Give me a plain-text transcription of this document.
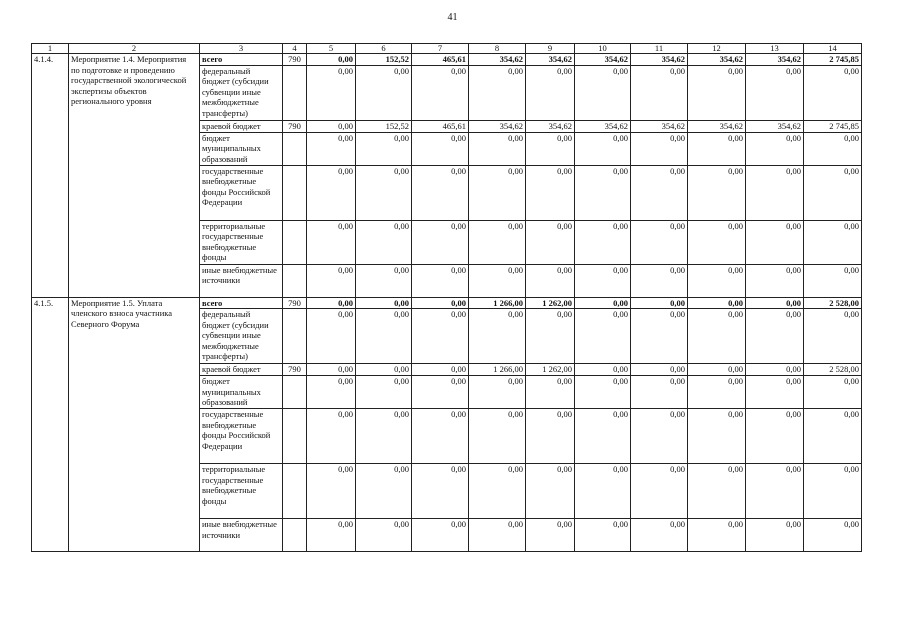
41
1	2	3	4	5	6	7	8	9	10	11	12	13	14
4.1.4.	Мероприятие 1.4. Мероприятия по подготовке и проведению государственной экологической экспертизы объектов регионального уровня	всего	790	0,00	152,52	465,61	354,62	354,62	354,62	354,62	354,62	354,62	2 745,85
		федеральный бюджет (субсидии субвенции иные межбюджетные трансферты)		0,00	0,00	0,00	0,00	0,00	0,00	0,00	0,00	0,00	0,00
		краевой бюджет	790	0,00	152,52	465,61	354,62	354,62	354,62	354,62	354,62	354,62	2 745,85
		бюджет муниципальных образований		0,00	0,00	0,00	0,00	0,00	0,00	0,00	0,00	0,00	0,00
		государственные внебюджетные фонды Российской Федерации		0,00	0,00	0,00	0,00	0,00	0,00	0,00	0,00	0,00	0,00
		территориальные государственные внебюджетные фонды		0,00	0,00	0,00	0,00	0,00	0,00	0,00	0,00	0,00	0,00
		иные внебюджетные источники		0,00	0,00	0,00	0,00	0,00	0,00	0,00	0,00	0,00	0,00
4.1.5.	Мероприятие 1.5. Уплата членского взноса участника Северного Форума	всего	790	0,00	0,00	0,00	1 266,00	1 262,00	0,00	0,00	0,00	0,00	2 528,00
		федеральный бюджет (субсидии субвенции иные межбюджетные трансферты)		0,00	0,00	0,00	0,00	0,00	0,00	0,00	0,00	0,00	0,00
		краевой бюджет	790	0,00	0,00	0,00	1 266,00	1 262,00	0,00	0,00	0,00	0,00	2 528,00
		бюджет муниципальных образований		0,00	0,00	0,00	0,00	0,00	0,00	0,00	0,00	0,00	0,00
		государственные внебюджетные фонды Российской Федерации		0,00	0,00	0,00	0,00	0,00	0,00	0,00	0,00	0,00	0,00
		территориальные государственные внебюджетные фонды		0,00	0,00	0,00	0,00	0,00	0,00	0,00	0,00	0,00	0,00
		иные внебюджетные источники		0,00	0,00	0,00	0,00	0,00	0,00	0,00	0,00	0,00	0,00
